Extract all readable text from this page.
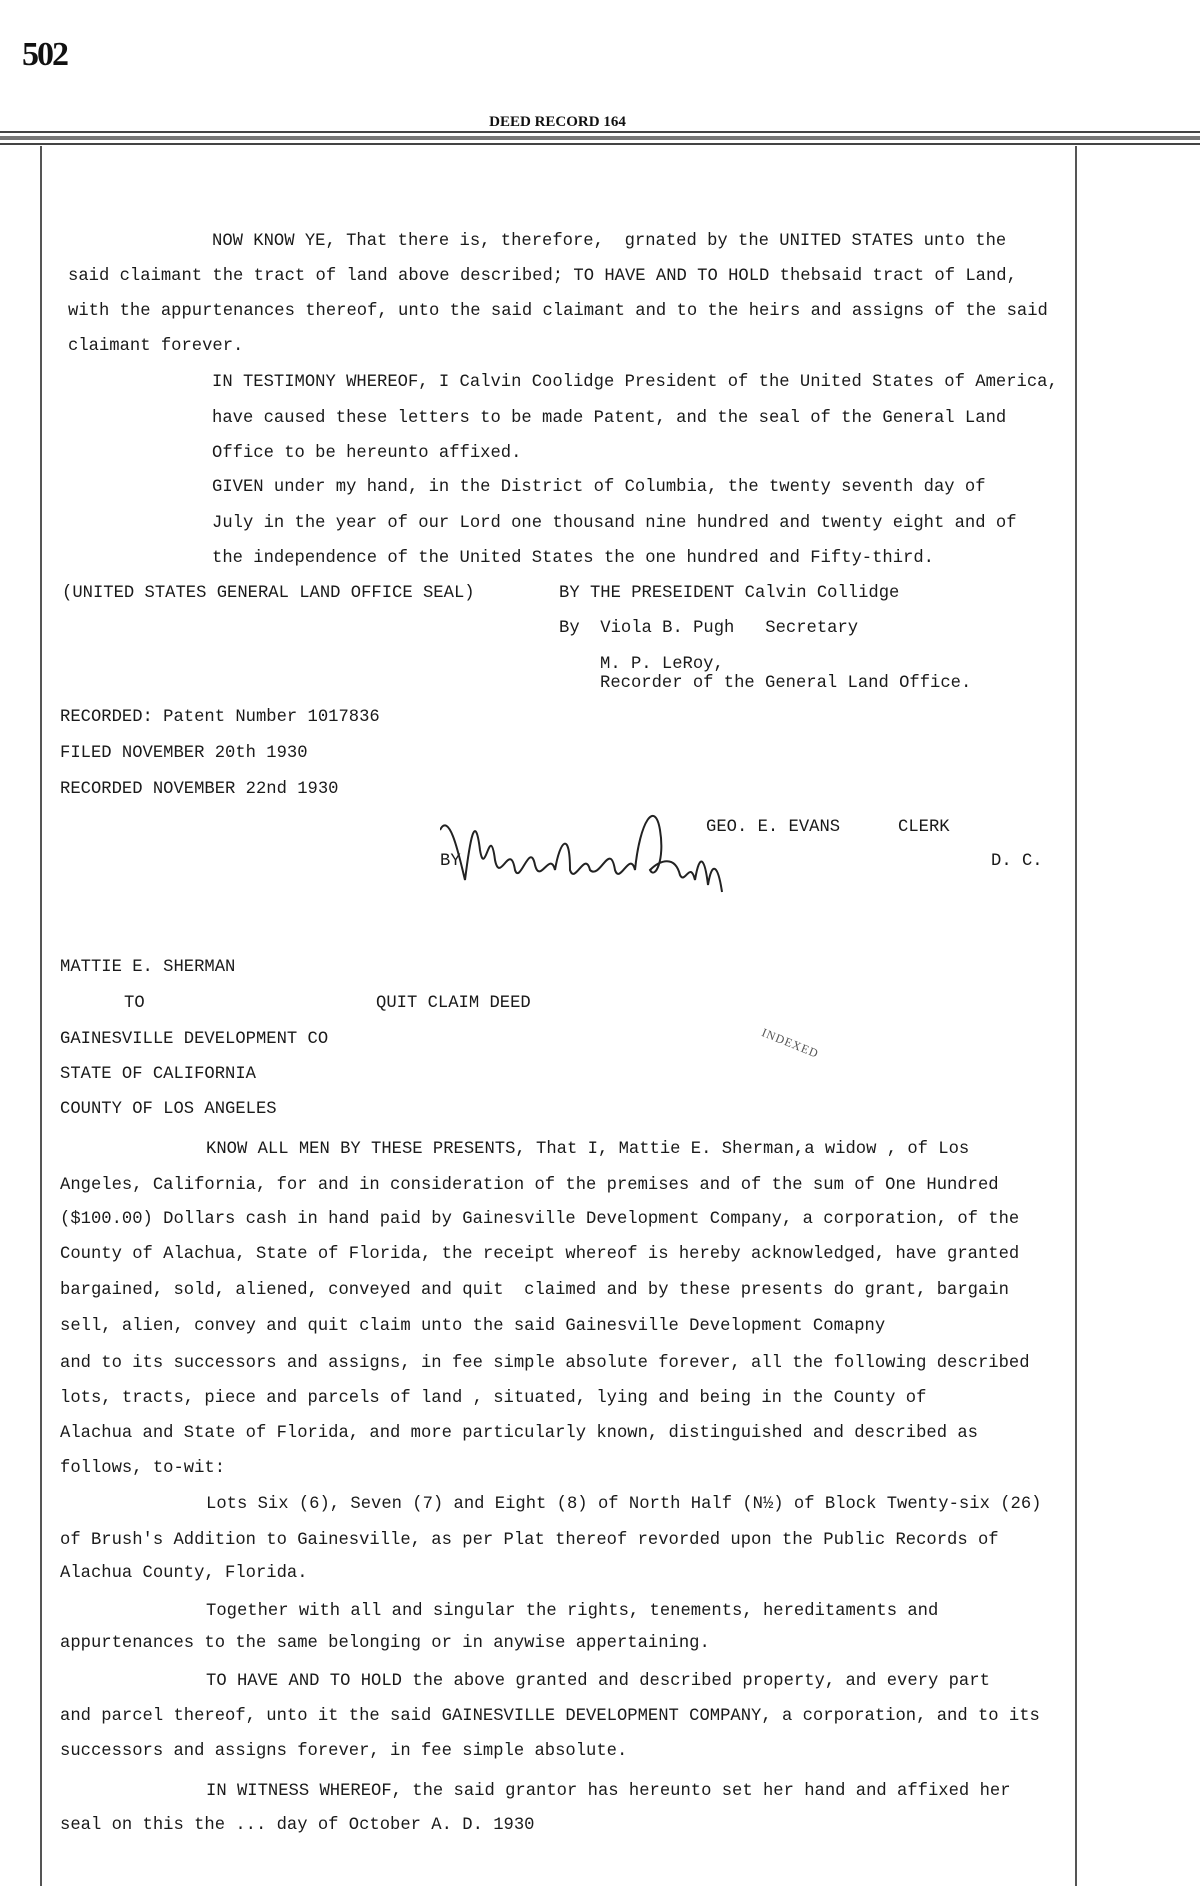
502
DEED RECORD 164
NOW KNOW YE, That there is, therefore,  grnated by the UNITED STATES unto the
said claimant the tract of land above described; TO HAVE AND TO HOLD thebsaid tract of Land,
with the appurtenances thereof, unto the said claimant and to the heirs and assigns of the said
claimant forever.
IN TESTIMONY WHEREOF, I Calvin Coolidge President of the United States of America,
have caused these letters to be made Patent, and the seal of the General Land
Office to be hereunto affixed.
GIVEN under my hand, in the District of Columbia, the twenty seventh day of
July in the year of our Lord one thousand nine hundred and twenty eight and of
the independence of the United States the one hundred and Fifty-third.
(UNITED STATES GENERAL LAND OFFICE SEAL)	BY THE PRESEIDENT Calvin Collidge
By  Viola B. Pugh   Secretary
M. P. LeRoy,
Recorder of the General Land Office.
RECORDED: Patent Number 1017836
FILED NOVEMBER 20th 1930
RECORDED NOVEMBER 22nd 1930
GEO. E. EVANS	CLERK
BY	D. C.
MATTIE E. SHERMAN
TO	QUIT CLAIM DEED
GAINESVILLE DEVELOPMENT CO
STATE OF CALIFORNIA
COUNTY OF LOS ANGELES
KNOW ALL MEN BY THESE PRESENTS, That I, Mattie E. Sherman,a widow , of Los
Angeles, California, for and in consideration of the premises and of the sum of One Hundred
($100.00) Dollars cash in hand paid by Gainesville Development Company, a corporation, of the
County of Alachua, State of Florida, the receipt whereof is hereby acknowledged, have granted
bargained, sold, aliened, conveyed and quit  claimed and by these presents do grant, bargain
sell, alien, convey and quit claim unto the said Gainesville Development Comapny
and to its successors and assigns, in fee simple absolute forever, all the following described
lots, tracts, piece and parcels of land , situated, lying and being in the County of
Alachua and State of Florida, and more particularly known, distinguished and described as
follows, to-wit:
Lots Six (6), Seven (7) and Eight (8) of North Half (N½) of Block Twenty-six (26)
of Brush's Addition to Gainesville, as per Plat thereof revorded upon the Public Records of
Alachua County, Florida.
Together with all and singular the rights, tenements, hereditaments and
appurtenances to the same belonging or in anywise appertaining.
TO HAVE AND TO HOLD the above granted and described property, and every part
and parcel thereof, unto it the said GAINESVILLE DEVELOPMENT COMPANY, a corporation, and to its
successors and assigns forever, in fee simple absolute.
IN WITNESS WHEREOF, the said grantor has hereunto set her hand and affixed her
seal on this the ... day of October A. D. 1930
INDEXED
